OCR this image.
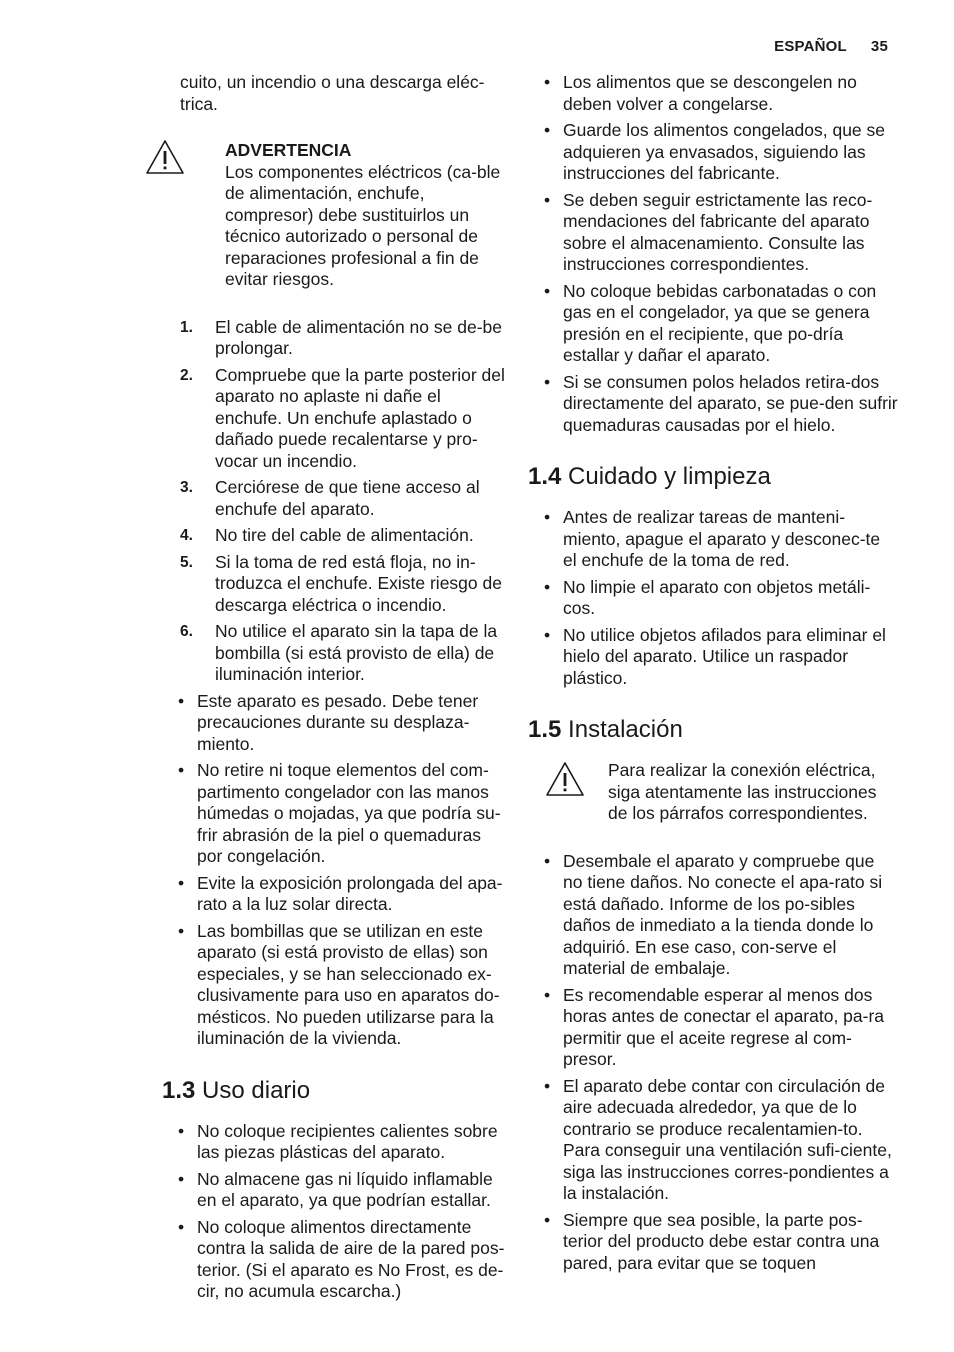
ESPAÑOL 35

cuito, un incendio o una descarga eléc-trica.

ADVERTENCIA
Los componentes eléctricos (ca-ble de alimentación, enchufe, compresor) debe sustituirlos un técnico autorizado o personal de reparaciones profesional a fin de evitar riesgos.
1. El cable de alimentación no se de-be prolongar.
2. Compruebe que la parte posterior del aparato no aplaste ni dañe el enchufe. Un enchufe aplastado o dañado puede recalentarse y pro-vocar un incendio.
3. Cerciórese de que tiene acceso al enchufe del aparato.
4. No tire del cable de alimentación.
5. Si la toma de red está floja, no in-troduzca el enchufe. Existe riesgo de descarga eléctrica o incendio.
6. No utilice el aparato sin la tapa de la bombilla (si está provisto de ella) de iluminación interior.
• Este aparato es pesado. Debe tener precauciones durante su desplaza-miento.
• No retire ni toque elementos del com-partimento congelador con las manos húmedas o mojadas, ya que podría su-frir abrasión de la piel o quemaduras por congelación.
• Evite la exposición prolongada del apa-rato a la luz solar directa.
• Las bombillas que se utilizan en este aparato (si está provisto de ellas) son especiales, y se han seleccionado ex-clusivamente para uso en aparatos do-mésticos. No pueden utilizarse para la iluminación de la vivienda.
1.3 Uso diario
• No coloque recipientes calientes sobre las piezas plásticas del aparato.
• No almacene gas ni líquido inflamable en el aparato, ya que podrían estallar.
• No coloque alimentos directamente contra la salida de aire de la pared pos-terior. (Si el aparato es No Frost, es de-cir, no acumula escarcha.)
• Los alimentos que se descongelen no deben volver a congelarse.
• Guarde los alimentos congelados, que se adquieren ya envasados, siguiendo las instrucciones del fabricante.
• Se deben seguir estrictamente las reco-mendaciones del fabricante del aparato sobre el almacenamiento. Consulte las instrucciones correspondientes.
• No coloque bebidas carbonatadas o con gas en el congelador, ya que se genera presión en el recipiente, que po-dría estallar y dañar el aparato.
• Si se consumen polos helados retira-dos directamente del aparato, se pue-den sufrir quemaduras causadas por el hielo.
1.4 Cuidado y limpieza
• Antes de realizar tareas de manteni-miento, apague el aparato y desconec-te el enchufe de la toma de red.
• No limpie el aparato con objetos metáli-cos.
• No utilice objetos afilados para eliminar el hielo del aparato. Utilice un raspador plástico.
1.5 Instalación
Para realizar la conexión eléctrica, siga atentamente las instrucciones de los párrafos correspondientes.
• Desembale el aparato y compruebe que no tiene daños. No conecte el apa-rato si está dañado. Informe de los po-sibles daños de inmediato a la tienda donde lo adquirió. En ese caso, con-serve el material de embalaje.
• Es recomendable esperar al menos dos horas antes de conectar el aparato, pa-ra permitir que el aceite regrese al com-presor.
• El aparato debe contar con circulación de aire adecuada alrededor, ya que de lo contrario se produce recalentamien-to. Para conseguir una ventilación sufi-ciente, siga las instrucciones corres-pondientes a la instalación.
• Siempre que sea posible, la parte pos-terior del producto debe estar contra una pared, para evitar que se toquen
